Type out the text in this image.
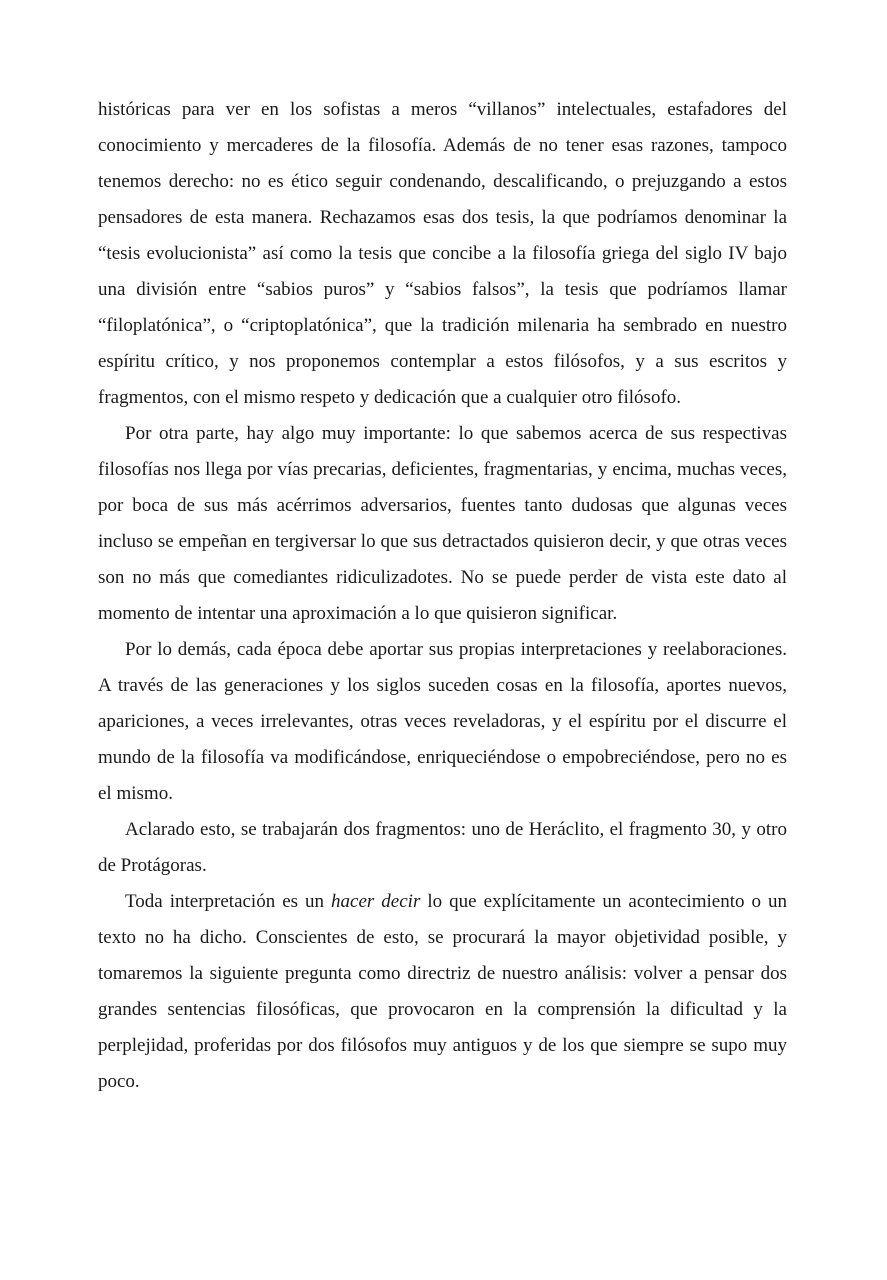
históricas para ver en los sofistas a meros “villanos” intelectuales, estafadores del conocimiento y mercaderes de la filosofía. Además de no tener esas razones, tampoco tenemos derecho: no es ético seguir condenando, descalificando, o prejuzgando a estos pensadores de esta manera. Rechazamos esas dos tesis, la que podríamos denominar la “tesis evolucionista” así como la tesis que concibe a la filosofía griega del siglo IV bajo una división entre “sabios puros” y “sabios falsos”, la tesis que podríamos llamar “filoplatónica”, o “criptoplatónica”, que la tradición milenaria ha sembrado en nuestro espíritu crítico, y nos proponemos contemplar a estos filósofos, y a sus escritos y fragmentos, con el mismo respeto y dedicación que a cualquier otro filósofo.

Por otra parte, hay algo muy importante: lo que sabemos acerca de sus respectivas filosofías nos llega por vías precarias, deficientes, fragmentarias, y encima, muchas veces, por boca de sus más acérrimos adversarios, fuentes tanto dudosas que algunas veces incluso se empeñan en tergiversar lo que sus detractados quisieron decir, y que otras veces son no más que comediantes ridiculizadotes. No se puede perder de vista este dato al momento de intentar una aproximación a lo que quisieron significar.

Por lo demás, cada época debe aportar sus propias interpretaciones y reelaboraciones. A través de las generaciones y los siglos suceden cosas en la filosofía, aportes nuevos, apariciones, a veces irrelevantes, otras veces reveladoras, y el espíritu por el discurre el mundo de la filosofía va modificándose, enriqueciéndose o empobreciéndose, pero no es el mismo.

Aclarado esto, se trabajarán dos fragmentos: uno de Heráclito, el fragmento 30, y otro de Protágoras.

Toda interpretación es un hacer decir lo que explícitamente un acontecimiento o un texto no ha dicho. Conscientes de esto, se procurará la mayor objetividad posible, y tomaremos la siguiente pregunta como directriz de nuestro análisis: volver a pensar dos grandes sentencias filosóficas, que provocaron en la comprensión la dificultad y la perplejidad, proferidas por dos filósofos muy antiguos y de los que siempre se supo muy poco.
